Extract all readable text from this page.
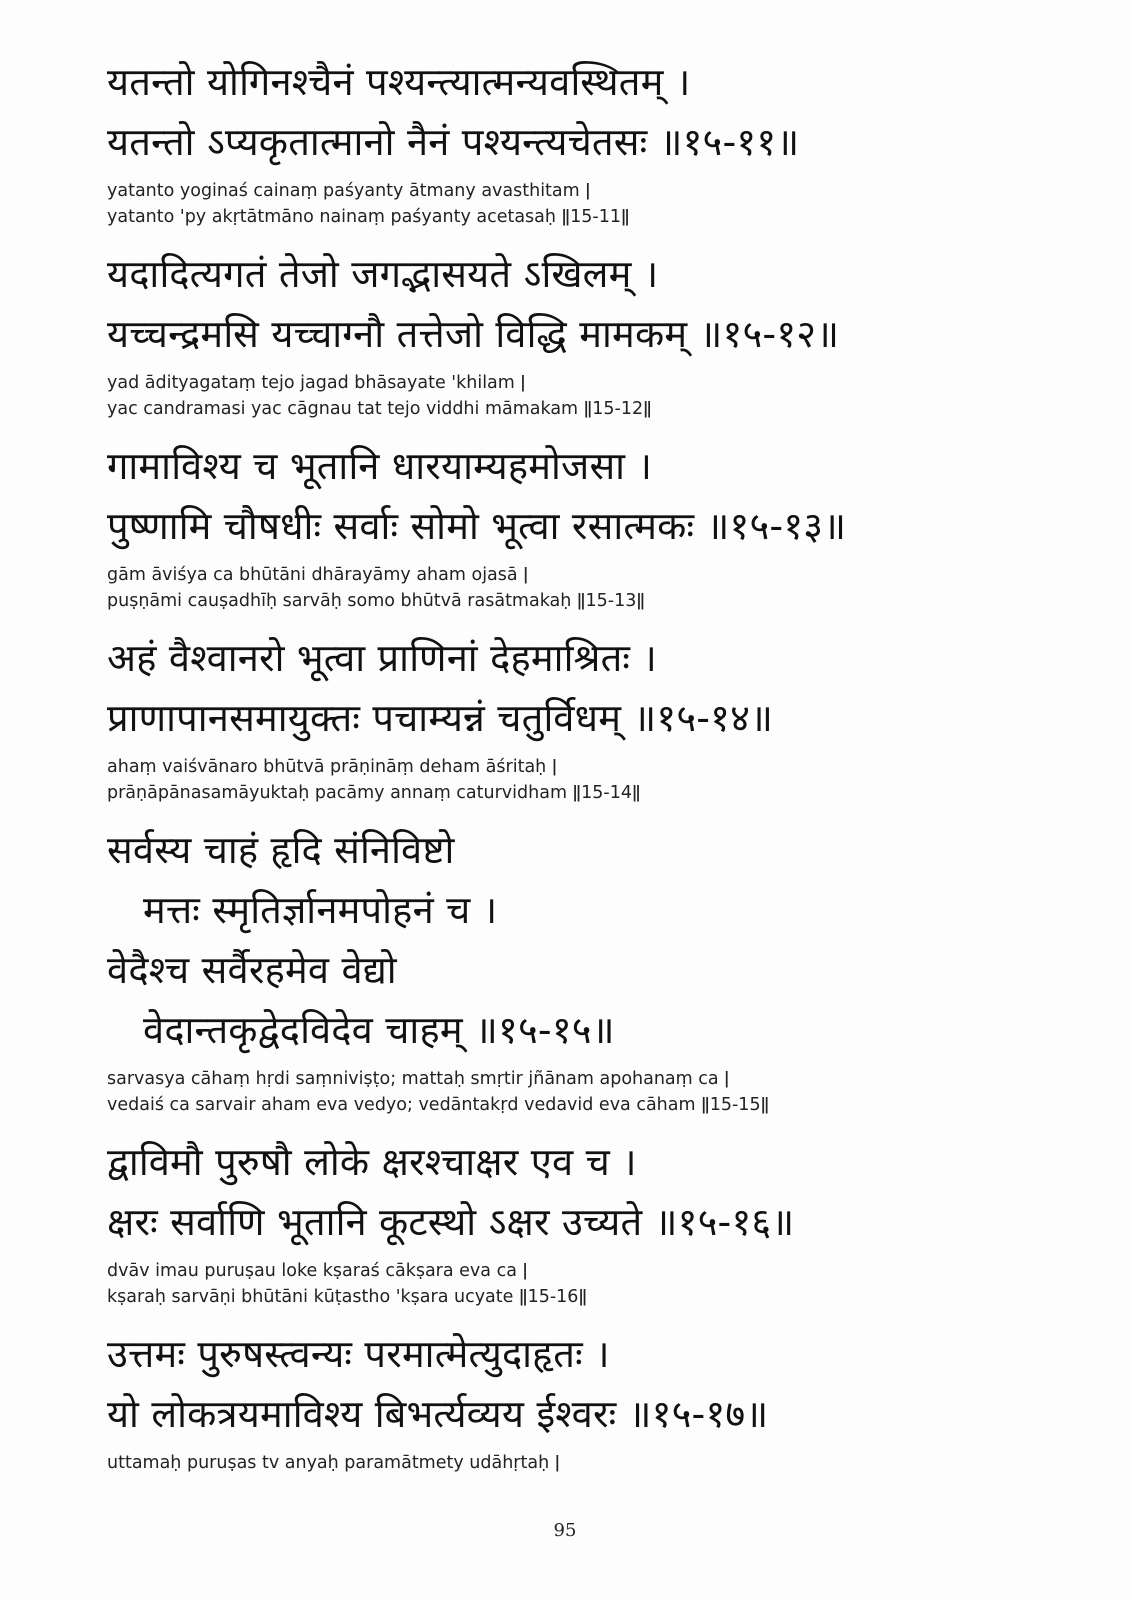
यतन्तो योगिनश्चैनं पश्यन्त्यात्मन्यवस्थितम् ।
यतन्तो ऽप्यकृतात्मानो नैनं पश्यन्त्यचेतसः ॥१५-११॥
yatanto yoginaś cainaṃ paśyanty ātmany avasthitam ǀ
yatanto 'py akṛtātmāno nainaṃ paśyanty acetasaḥ ǁ15-11ǁ
यदादित्यगतं तेजो जगद्भासयते ऽखिलम् ।
यच्चन्द्रमसि यच्चाग्नौ तत्तेजो विद्धि मामकम् ॥१५-१२॥
yad ādityagataṃ tejo jagad bhāsayate 'khilam ǀ
yac candramasi yac cāgnau tat tejo viddhi māmakam ǁ15-12ǁ
गामाविश्य च भूतानि धारयाम्यहमोजसा ।
पुष्णामि चौषधीः सर्वाः सोमो भूत्वा रसात्मकः ॥१५-१३॥
gām āviśya ca bhūtāni dhārayāmy aham ojasā ǀ
puṣṇāmi cauṣadhīḥ sarvāḥ somo bhūtvā rasātmakaḥ ǁ15-13ǁ
अहं वैश्वानरो भूत्वा प्राणिनां देहमाश्रितः ।
प्राणापानसमायुक्तः पचाम्यन्नं चतुर्विधम् ॥१५-१४॥
ahaṃ vaiśvānaro bhūtvā prāṇināṃ deham āśritaḥ ǀ
prāṇāpānasamāyuktaḥ pacāmy annaṃ caturvidham ǁ15-14ǁ
सर्वस्य चाहं हृदि संनिविष्टो
मत्तः स्मृतिर्ज्ञानमपोहनं च ।
वेदैश्च सर्वैरहमेव वेद्यो
वेदान्तकृद्वेदविदेव चाहम् ॥१५-१५॥
sarvasya cāhaṃ hṛdi saṃniviṣṭo; mattaḥ smṛtir jñānam apohanaṃ ca ǀ
vedaiś ca sarvair aham eva vedyo; vedāntakṛd vedavid eva cāham ǁ15-15ǁ
द्वाविमौ पुरुषौ लोके क्षरश्चाक्षर एव च ।
क्षरः सर्वाणि भूतानि कूटस्थो ऽक्षर उच्यते ॥१५-१६॥
dvāv imau puruṣau loke kṣaraś cākṣara eva ca ǀ
kṣaraḥ sarvāṇi bhūtāni kūṭastho 'kṣara ucyate ǁ15-16ǁ
उत्तमः पुरुषस्त्वन्यः परमात्मेत्युदाहृतः ।
यो लोकत्रयमाविश्य बिभर्त्यव्यय ईश्वरः ॥१५-१७॥
uttamaḥ puruṣas tv anyaḥ paramātmety udāhṛtaḥ ǀ
95
